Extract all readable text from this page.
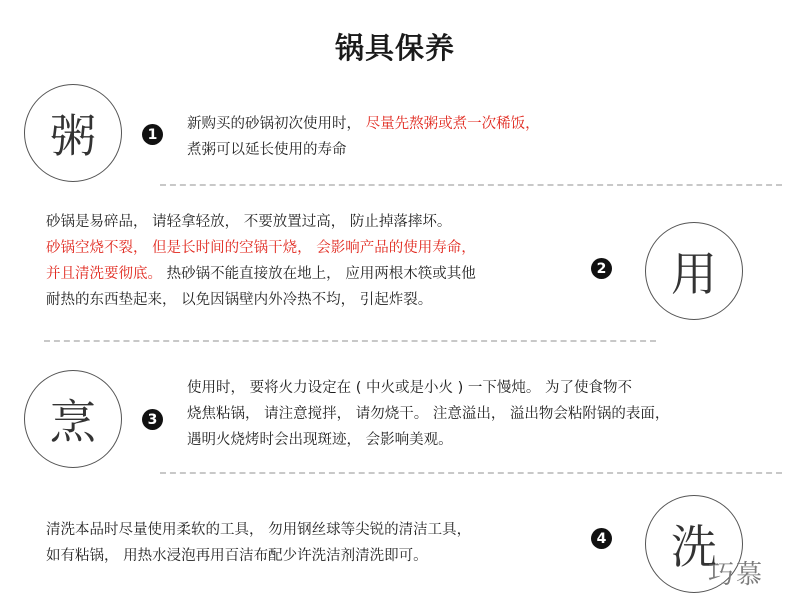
锅具保养
粥	1
新购买的砂锅初次使用时， 尽量先熬粥或煮一次稀饭，
煮粥可以延长使用的寿命
砂锅是易碎品， 请轻拿轻放， 不要放置过高， 防止掉落摔坏。
砂锅空烧不裂， 但是长时间的空锅干烧， 会影响产品的使用寿命，
并且清洗要彻底。 热砂锅不能直接放在地上， 应用两根木筷或其他
耐热的东西垫起来， 以免因锅壁内外冷热不均， 引起炸裂。
2	用
烹	3
使用时， 要将火力设定在 ( 中火或是小火 ) 一下慢炖。 为了使食物不
烧焦粘锅， 请注意搅拌， 请勿烧干。 注意溢出， 溢出物会粘附锅的表面，
遇明火烧烤时会出现斑迹， 会影响美观。
清洗本品时尽量使用柔软的工具， 勿用钢丝球等尖锐的清洁工具，
如有粘锅， 用热水浸泡再用百洁布配少许洗洁剂清洗即可。
4	洗
巧慕
